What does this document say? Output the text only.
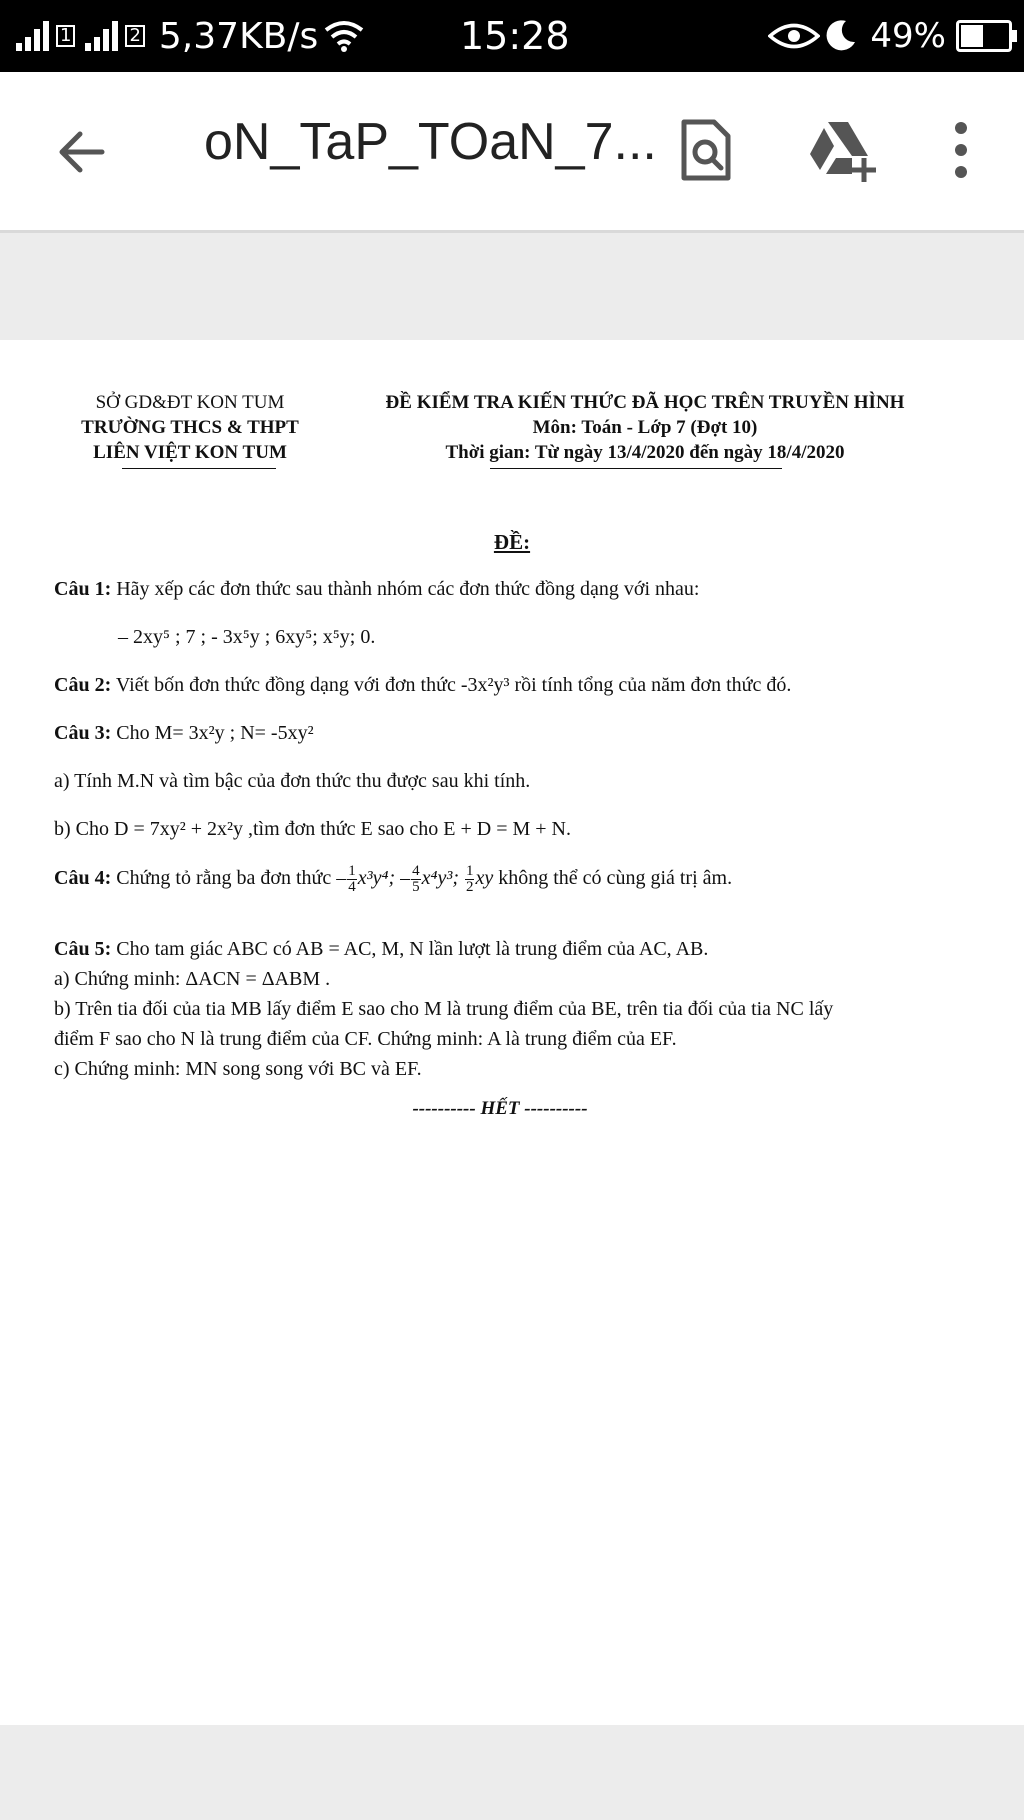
1	2 5,37KB/s	15:28	49%
oN_TaP_TOaN_7...
SỞ GD&ĐT KON TUM
TRƯỜNG THCS & THPT
LIÊN VIỆT KON TUM
ĐỀ KIỂM TRA KIẾN THỨC ĐÃ HỌC TRÊN TRUYỀN HÌNH
Môn: Toán - Lớp 7 (Đợt 10)
Thời gian: Từ ngày 13/4/2020 đến ngày 18/4/2020
ĐỀ:
Câu 1: Hãy xếp các đơn thức sau thành nhóm các đơn thức đồng dạng với nhau:
– 2xy⁵ ; 7 ; - 3x⁵y ; 6xy⁵; x⁵y; 0.
Câu 2: Viết bốn đơn thức đồng dạng với đơn thức -3x²y³ rồi tính tổng của năm đơn thức đó.
Câu 3: Cho M= 3x²y ; N= -5xy²
a) Tính M.N và tìm bậc của đơn thức thu được sau khi tính.
b) Cho D = 7xy² + 2x²y ,tìm đơn thức E sao cho E + D = M + N.
Câu 4: Chứng tỏ rằng ba đơn thức – $\frac{1}{4} x^3y^4$; – $\frac{4}{5} x^4y^3$; $\frac{1}{2}$ xy không thể có cùng giá trị âm.
Câu 5: Cho tam giác ABC có AB = AC, M, N lần lượt là trung điểm của AC, AB.
a) Chứng minh: ΔACN = ΔABM .
b) Trên tia đối của tia MB lấy điểm E sao cho M là trung điểm của BE, trên tia đối của tia NC lấy
điểm F sao cho N là trung điểm của CF. Chứng minh: A là trung điểm của EF.
c) Chứng minh: MN song song với BC và EF.
---------- HẾT ----------
